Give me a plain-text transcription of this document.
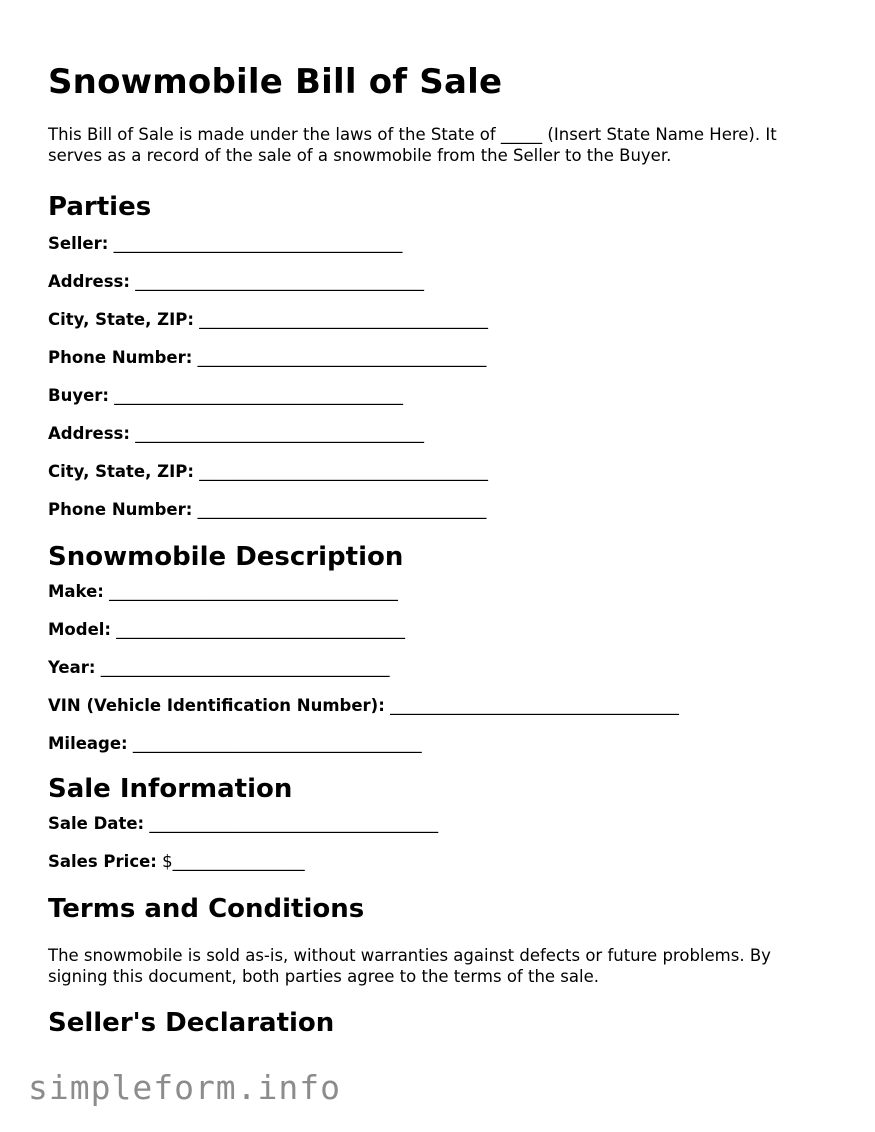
Snowmobile Bill of Sale

This Bill of Sale is made under the laws of the State of _____ (Insert State Name Here). It serves as a record of the sale of a snowmobile from the Seller to the Buyer.

Parties
Seller: ___________________________________
Address: ___________________________________
City, State, ZIP: ___________________________________
Phone Number: ___________________________________
Buyer: ___________________________________
Address: ___________________________________
City, State, ZIP: ___________________________________
Phone Number: ___________________________________
Snowmobile Description
Make: ___________________________________
Model: ___________________________________
Year: ___________________________________
VIN (Vehicle Identification Number): ___________________________________
Mileage: ___________________________________
Sale Information
Sale Date: ___________________________________
Sales Price: $________________
Terms and Conditions

The snowmobile is sold as-is, without warranties against defects or future problems. By signing this document, both parties agree to the terms of the sale.

Seller's Declaration
simpleform.info
